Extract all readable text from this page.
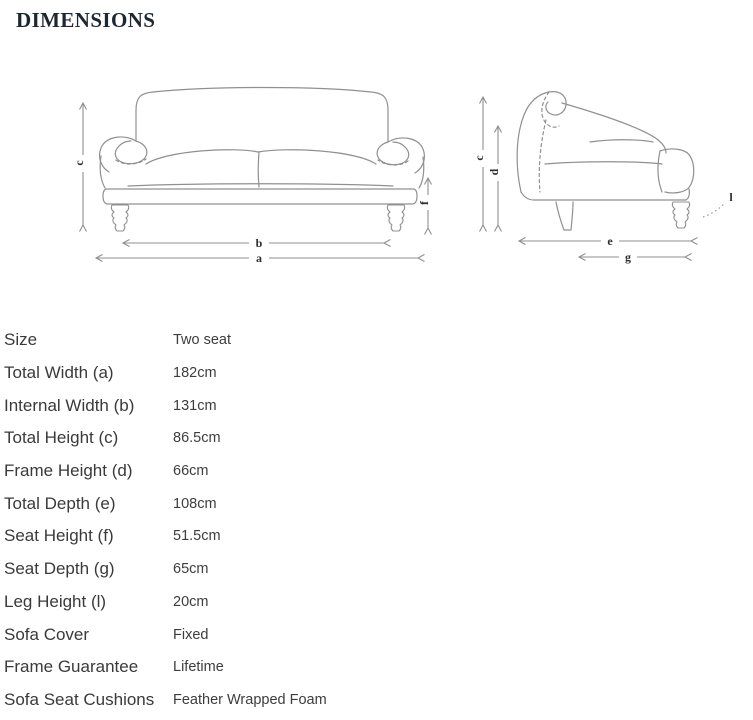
DIMENSIONS
c
f
b
a
c
d
e
g
l
Size	Two seat
Total Width (a)	182cm
Internal Width (b)	131cm
Total Height (c)	86.5cm
Frame Height (d)	66cm
Total Depth (e)	108cm
Seat Height (f)	51.5cm
Seat Depth (g)	65cm
Leg Height (l)	20cm
Sofa Cover	Fixed
Frame Guarantee	Lifetime
Sofa Seat Cushions	Feather Wrapped Foam
